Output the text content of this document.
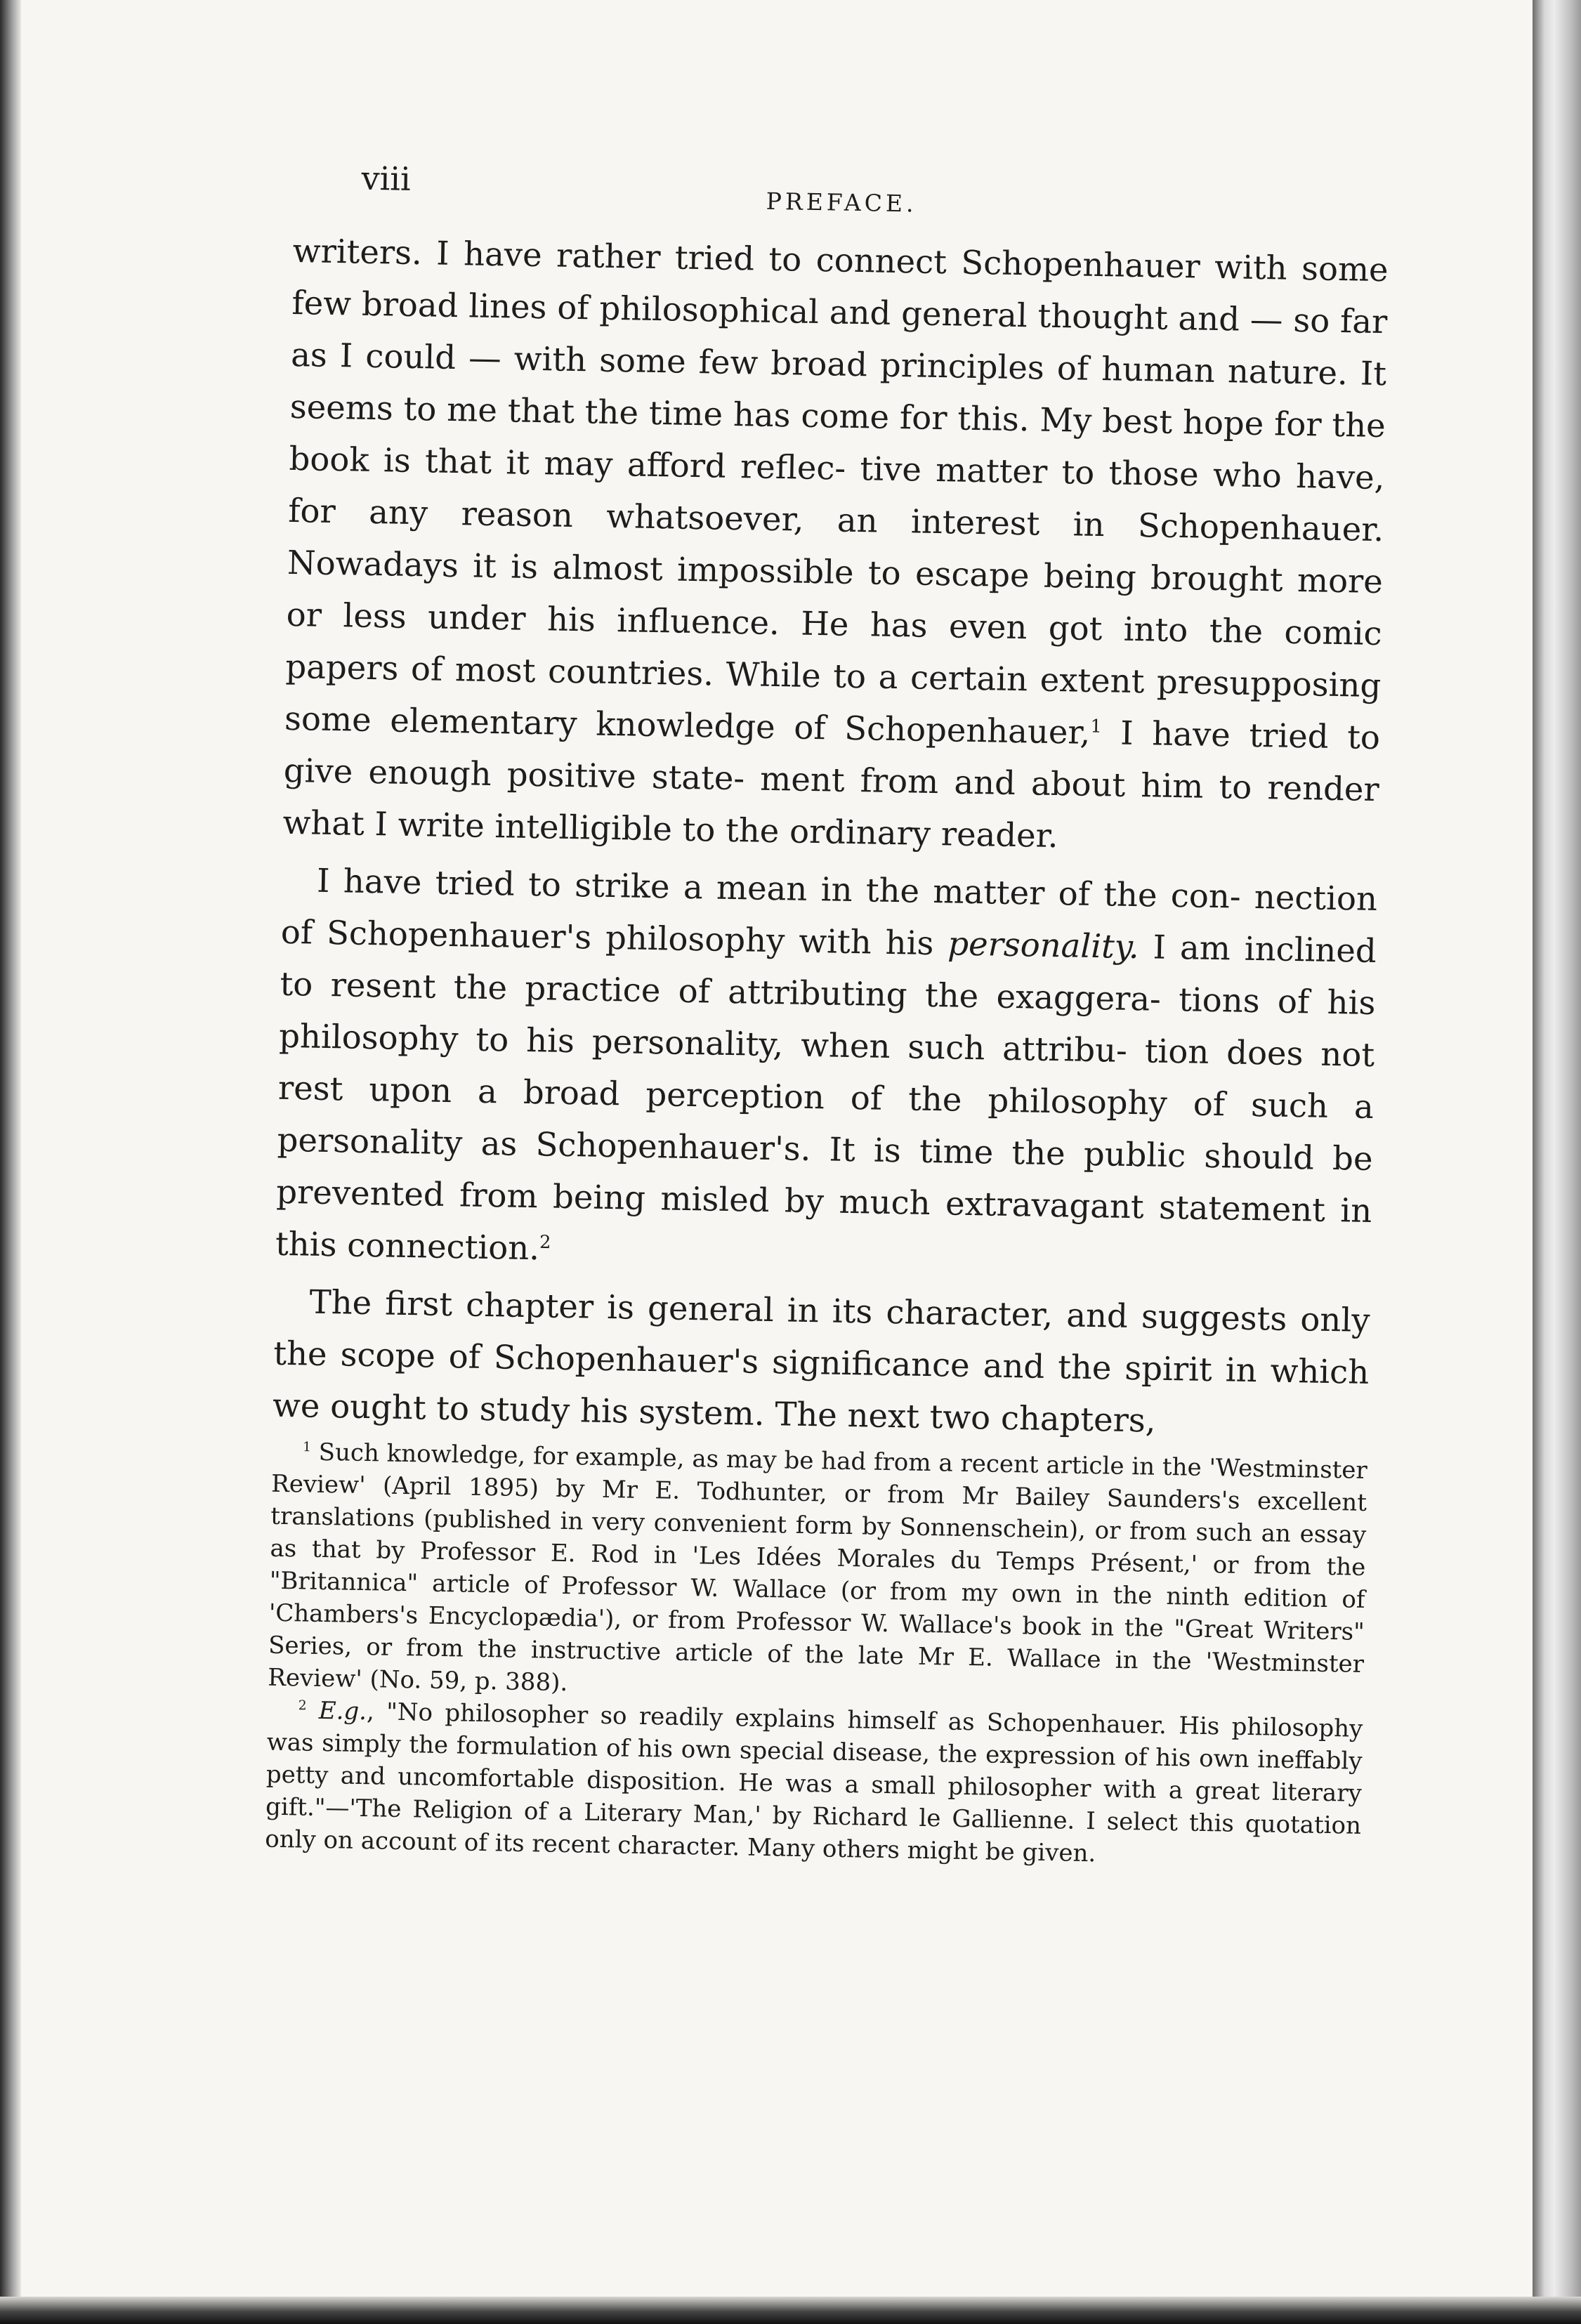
viii
PREFACE.

writers. I have rather tried to connect Schopenhauer with some few broad lines of philosophical and general thought and — so far as I could — with some few broad principles of human nature. It seems to me that the time has come for this. My best hope for the book is that it may afford reflec- tive matter to those who have, for any reason whatsoever, an interest in Schopenhauer. Nowadays it is almost impossible to escape being brought more or less under his influence. He has even got into the comic papers of most countries. While to a certain extent presupposing some elementary knowledge of Schopenhauer,$^1$ I have tried to give enough positive state- ment from and about him to render what I write intelligible to the ordinary reader.

I have tried to strike a mean in the matter of the con- nection of Schopenhauer's philosophy with his personality. I am inclined to resent the practice of attributing the exaggera- tions of his philosophy to his personality, when such attribu- tion does not rest upon a broad perception of the philosophy of such a personality as Schopenhauer's. It is time the public should be prevented from being misled by much extravagant statement in this connection.$^2$

The first chapter is general in its character, and suggests only the scope of Schopenhauer's significance and the spirit in which we ought to study his system. The next two chapters,

$^1$ Such knowledge, for example, as may be had from a recent article in the 'Westminster Review' (April 1895) by Mr E. Todhunter, or from Mr Bailey Saunders's excellent translations (published in very convenient form by Sonnenschein), or from such an essay as that by Professor E. Rod in 'Les Idées Morales du Temps Présent,' or from the "Britannica" article of Professor W. Wallace (or from my own in the ninth edition of 'Chambers's Encyclopædia'), or from Professor W. Wallace's book in the "Great Writers" Series, or from the instructive article of the late Mr E. Wallace in the 'Westminster Review' (No. 59, p. 388).

$^2$ E.g., "No philosopher so readily explains himself as Schopenhauer. His philosophy was simply the formulation of his own special disease, the expression of his own ineffably petty and uncomfortable disposition. He was a small philosopher with a great literary gift."—'The Religion of a Literary Man,' by Richard le Gallienne. I select this quotation only on account of its recent character. Many others might be given.
